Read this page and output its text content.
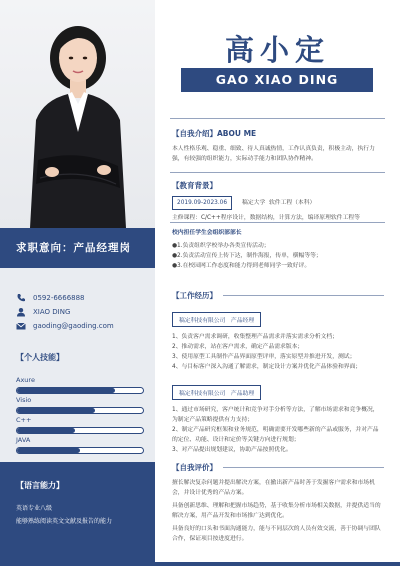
求职意向：产品经理岗
0592-6666888
XIAO DING
gaoding@gaoding.com
【个人技能】
Axure
Visio
C++
JAVA
【语言能力】
英语专业八级
能够熟练阅读英文文献及报告的能力
高小定
GAO XIAO DING
【自我介绍】ABOU ME
本人性格乐观、稳重、细致、待人真诚热情，工作认真负责，积极主动，执行力强，有较强的组织能力，实际动手能力和团队协作精神。
【教育背景】
2019.09-2023.06	稿定大学 软件工程（本科）
主修课程：C/C++程序设计，数据结构，计算方法，编译原理软件工程等
校内担任学生会组织部部长
●1.负责组织学校举办各类宣传活动；
●2.负责活动宣传上传下达，制作海报，传单，横幅等等；
●3.在校园网工作态度和能力得到老师同学一致好评。
【工作经历】
稿定科技有限公司 产品经理
1、负责客户需求调研，收集整理产品需求并落实需求分析文档；
2、推动需求，站在客户需求，确定产品需求版本；
3、使用原型工具制作产品界面原型评审，落实原型并推进开发，测试；
4、与目标客户深入沟通了解需求，制定设计方案并优化产品体验和界面；
稿定科技有限公司 产品助理
1、通过市场研究，客户统计和竞争对手分析等方法，了解市场需求和竞争概况，为制定产品策略提供有力支持；
2、制定产品研究框架和业务规范，明确需要开发哪些新的产品或服务，并对产品的定位、功能、设计和定价等关键方向进行规划；
3、对产品提出规划建议，协助产品按照优化。
【自我评价】
擅长解决复杂问题并提出解决方案，在撤出新产品时善于发掘客户需求和市场机会，并设计优秀的产品方案。
具备创新思维、理解和把握市场趋势，基于收集分析市场相关数据，并提供适当的解决方案，用产品开发和市场推广达到优化。
具备良好的口头和书面沟通能力，能与不同层次的人员有效交流，善于协调与团队合作，保证项目按进度进行。
